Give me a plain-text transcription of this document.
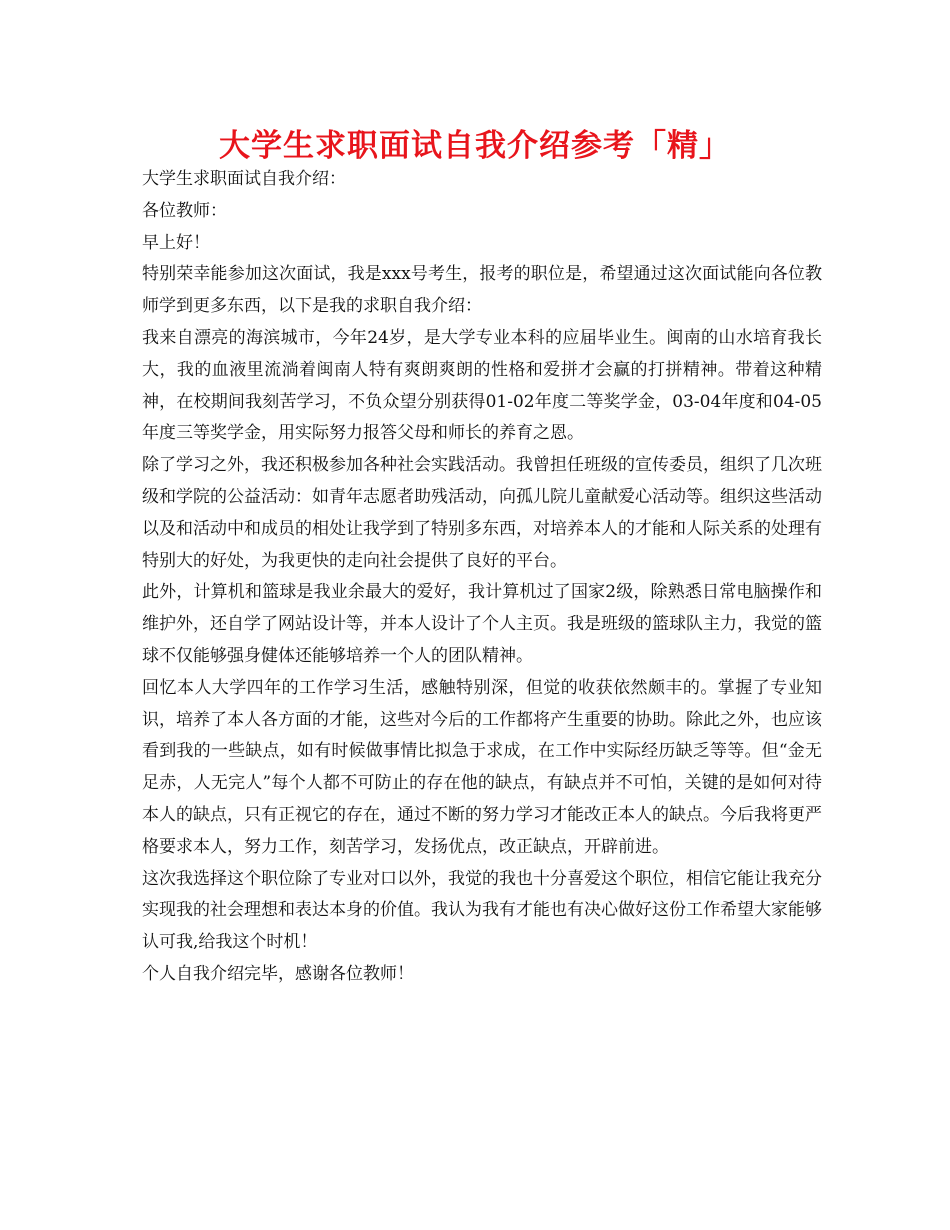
大学生求职面试自我介绍参考「精」

大学生求职面试自我介绍：

各位教师：

早上好！

特别荣幸能参加这次面试，我是xxx号考生，报考的职位是，希望通过这次面试能向各位教师学到更多东西，以下是我的求职自我介绍：

我来自漂亮的海滨城市，今年24岁，是大学专业本科的应届毕业生。闽南的山水培育我长大，我的血液里流淌着闽南人特有爽朗爽朗的性格和爱拼才会赢的打拼精神。带着这种精神，在校期间我刻苦学习，不负众望分别获得01-02年度二等奖学金，03-04年度和04-05年度三等奖学金，用实际努力报答父母和师长的养育之恩。

除了学习之外，我还积极参加各种社会实践活动。我曾担任班级的宣传委员，组织了几次班级和学院的公益活动：如青年志愿者助残活动，向孤儿院儿童献爱心活动等。组织这些活动以及和活动中和成员的相处让我学到了特别多东西，对培养本人的才能和人际关系的处理有特别大的好处，为我更快的走向社会提供了良好的平台。

此外，计算机和篮球是我业余最大的爱好，我计算机过了国家2级，除熟悉日常电脑操作和维护外，还自学了网站设计等，并本人设计了个人主页。我是班级的篮球队主力，我觉的篮球不仅能够强身健体还能够培养一个人的团队精神。

回忆本人大学四年的工作学习生活，感触特别深，但觉的收获依然颇丰的。掌握了专业知识，培养了本人各方面的才能，这些对今后的工作都将产生重要的协助。除此之外，也应该看到我的一些缺点，如有时候做事情比拟急于求成，在工作中实际经历缺乏等等。但“金无足赤，人无完人”每个人都不可防止的存在他的缺点，有缺点并不可怕，关键的是如何对待本人的缺点，只有正视它的存在，通过不断的努力学习才能改正本人的缺点。今后我将更严格要求本人，努力工作，刻苦学习，发扬优点，改正缺点，开辟前进。

这次我选择这个职位除了专业对口以外，我觉的我也十分喜爱这个职位，相信它能让我充分实现我的社会理想和表达本身的价值。我认为我有才能也有决心做好这份工作希望大家能够认可我,给我这个时机！

个人自我介绍完毕，感谢各位教师！
